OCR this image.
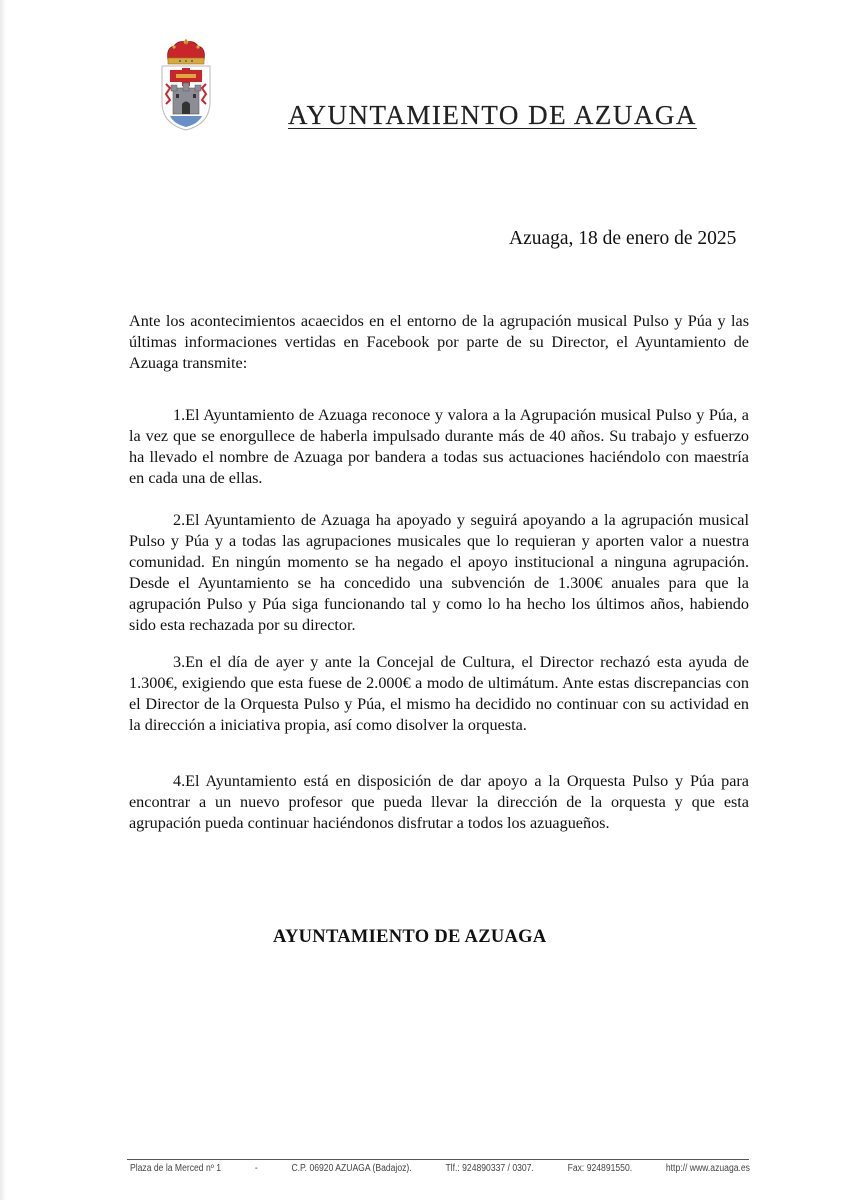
AYUNTAMIENTO DE AZUAGA
Azuaga, 18 de enero de 2025

Ante los acontecimientos acaecidos en el entorno de la agrupación musical Pulso y Púa y las últimas informaciones vertidas en Facebook por parte de su Director, el Ayuntamiento de Azuaga transmite:

1.El Ayuntamiento de Azuaga reconoce y valora a la Agrupación musical Pulso y Púa, a la vez que se enorgullece de haberla impulsado durante más de 40 años. Su trabajo y esfuerzo ha llevado el nombre de Azuaga por bandera a todas sus actuaciones haciéndolo con maestría en cada una de ellas.

2.El Ayuntamiento de Azuaga ha apoyado y seguirá apoyando a la agrupación musical Pulso y Púa y a todas las agrupaciones musicales que lo requieran y aporten valor a nuestra comunidad. En ningún momento se ha negado el apoyo institucional a ninguna agrupación. Desde el Ayuntamiento se ha concedido una subvención de 1.300€ anuales para que la agrupación Pulso y Púa siga funcionando tal y como lo ha hecho los últimos años, habiendo sido esta rechazada por su director.

3.En el día de ayer y ante la Concejal de Cultura, el Director rechazó esta ayuda de 1.300€, exigiendo que esta fuese de 2.000€ a modo de ultimátum. Ante estas discrepancias con el Director de la Orquesta Pulso y Púa, el mismo ha decidido no continuar con su actividad en la dirección a iniciativa propia, así como disolver la orquesta.

4.El Ayuntamiento está en disposición de dar apoyo a la Orquesta Pulso y Púa para encontrar a un nuevo profesor que pueda llevar la dirección de la orquesta y que esta agrupación pueda continuar haciéndonos disfrutar a todos los azuagueños.

AYUNTAMIENTO DE AZUAGA
Plaza de la Merced nº 1	-	C.P. 06920 AZUAGA (Badajoz).	Tlf.: 924890337 / 0307.	Fax: 924891550.	http:// www.azuaga.es
